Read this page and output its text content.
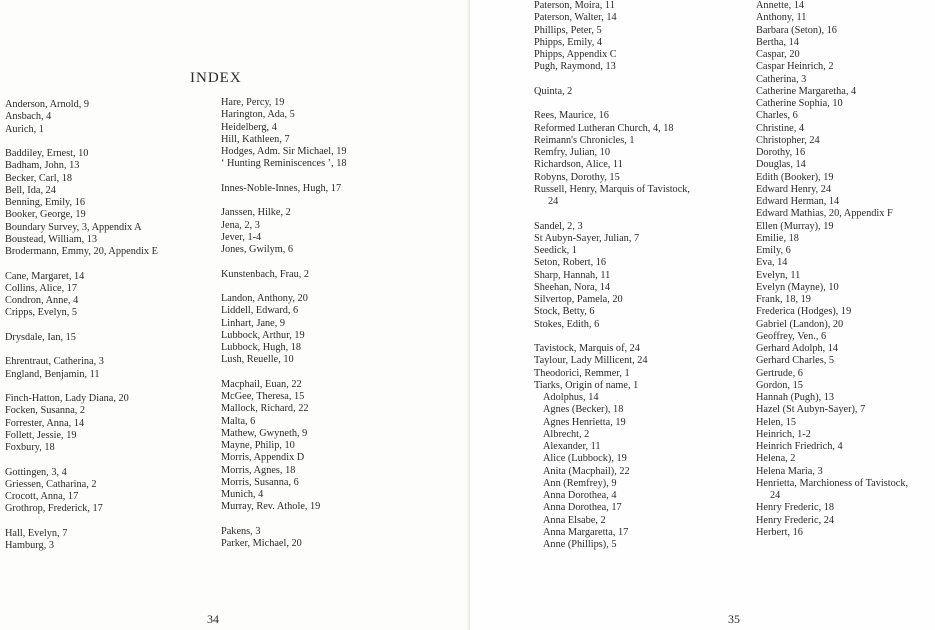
INDEX
Anderson, Arnold, 9
Ansbach, 4
Aurich, 1
Baddiley, Ernest, 10
Badham, John, 13
Becker, Carl, 18
Bell, Ida, 24
Benning, Emily, 16
Booker, George, 19
Boundary Survey, 3, Appendix A
Boustead, William, 13
Brodermann, Emmy, 20, Appendix E
Cane, Margaret, 14
Collins, Alice, 17
Condron, Anne, 4
Cripps, Evelyn, 5
Drysdale, Ian, 15
Ehrentraut, Catherina, 3
England, Benjamin, 11
Finch-Hatton, Lady Diana, 20
Focken, Susanna, 2
Forrester, Anna, 14
Follett, Jessie, 19
Foxbury, 18
Gottingen, 3, 4
Griessen, Catharina, 2
Crocott, Anna, 17
Grothrop, Frederick, 17
Hall, Evelyn, 7
Hamburg, 3
Hare, Percy, 19
Harington, Ada, 5
Heidelberg, 4
Hill, Kathleen, 7
Hodges, Adm. Sir Michael, 19
‘ Hunting Reminiscences ’, 18
Innes-Noble-Innes, Hugh, 17
Janssen, Hilke, 2
Jena, 2, 3
Jever, 1-4
Jones, Gwilym, 6
Kunstenbach, Frau, 2
Landon, Anthony, 20
Liddell, Edward, 6
Linhart, Jane, 9
Lubbock, Arthur, 19
Lubbock, Hugh, 18
Lush, Reuelle, 10
Macphail, Euan, 22
McGee, Theresa, 15
Mallock, Richard, 22
Malta, 6
Mathew, Gwyneth, 9
Mayne, Philip, 10
Morris, Appendix D
Morris, Agnes, 18
Morris, Susanna, 6
Munich, 4
Murray, Rev. Athole, 19
Pakens, 3
Parker, Michael, 20
34
Paterson, Moira, 11
Paterson, Walter, 14
Phillips, Peter, 5
Phipps, Emily, 4
Phipps, Appendix C
Pugh, Raymond, 13
Quinta, 2
Rees, Maurice, 16
Reformed Lutheran Church, 4, 18
Reimann's Chronicles, 1
Remfry, Julian, 10
Richardson, Alice, 11
Robyns, Dorothy, 15
Russell, Henry, Marquis of Tavistock,
24
Sandel, 2, 3
St Aubyn-Sayer, Julian, 7
Seedick, 1
Seton, Robert, 16
Sharp, Hannah, 11
Sheehan, Nora, 14
Silvertop, Pamela, 20
Stock, Betty, 6
Stokes, Edith, 6
Tavistock, Marquis of, 24
Taylour, Lady Millicent, 24
Theodorici, Remmer, 1
Tiarks, Origin of name, 1
Adolphus, 14
Agnes (Becker), 18
Agnes Henrietta, 19
Albrecht, 2
Alexander, 11
Alice (Lubbock), 19
Anita (Macphail), 22
Ann (Remfrey), 9
Anna Dorothea, 4
Anna Dorothea, 17
Anna Elsabe, 2
Anna Margaretta, 17
Anne (Phillips), 5
Annette, 14
Anthony, 11
Barbara (Seton), 16
Bertha, 14
Caspar, 20
Caspar Heinrich, 2
Catherina, 3
Catherine Margaretha, 4
Catherine Sophia, 10
Charles, 6
Christine, 4
Christopher, 24
Dorothy, 16
Douglas, 14
Edith (Booker), 19
Edward Henry, 24
Edward Herman, 14
Edward Mathias, 20, Appendix F
Ellen (Murray), 19
Emilie, 18
Emily, 6
Eva, 14
Evelyn, 11
Evelyn (Mayne), 10
Frank, 18, 19
Frederica (Hodges), 19
Gabriel (Landon), 20
Geoffrey, Ven., 6
Gerhard Adolph, 14
Gerhard Charles, 5
Gertrude, 6
Gordon, 15
Hannah (Pugh), 13
Hazel (St Aubyn-Sayer), 7
Helen, 15
Heinrich, 1-2
Heinrich Friedrich, 4
Helena, 2
Helena Maria, 3
Henrietta, Marchioness of Tavistock,
24
Henry Frederic, 18
Henry Frederic, 24
Herbert, 16
35
